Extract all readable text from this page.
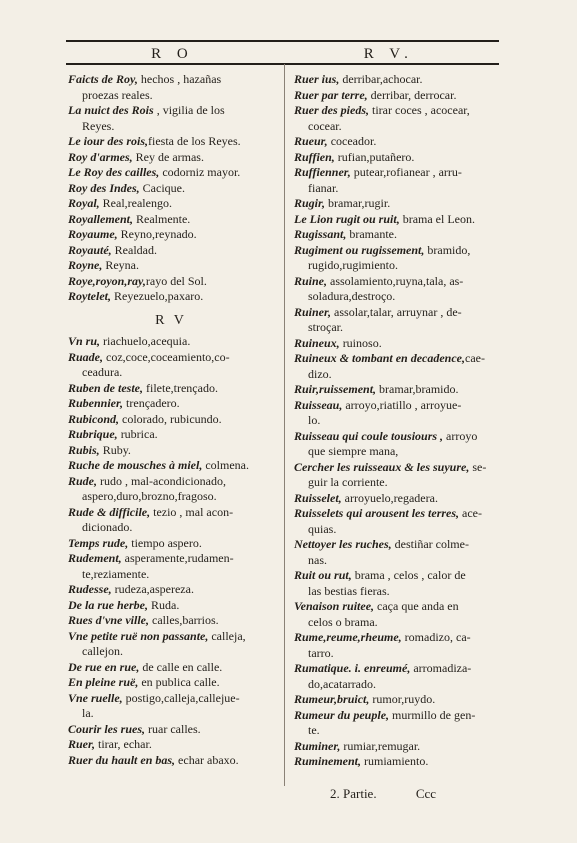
R O	R V.
Faicts de Roy, hechos , hazañas
proezas reales.
La nuict des Rois , vigilia de los
Reyes.
Le iour des rois,fiesta de los Reyes.
Roy d'armes, Rey de armas.
Le Roy des cailles, codorniz mayor.
Roy des Indes, Cacique.
Royal, Real,realengo.
Royallement, Realmente.
Royaume, Reyno,reynado.
Royauté, Realdad.
Royne, Reyna.
Roye,royon,ray,rayo del Sol.
Roytelet, Reyezuelo,paxaro.
R V
Vn ru, riachuelo,acequia.
Ruade, coz,coce,coceamiento,co-
ceadura.
Ruben de teste, filete,trençado.
Rubennier, trençadero.
Rubicond, colorado, rubicundo.
Rubrique, rubrica.
Rubis, Ruby.
Ruche de mousches à miel, colmena.
Rude, rudo , mal-acondicionado,
aspero,duro,brozno,fragoso.
Rude & difficile, tezio , mal acon-
dicionado.
Temps rude, tiempo aspero.
Rudement, asperamente,rudamen-
te,reziamente.
Rudesse, rudeza,aspereza.
De la rue herbe, Ruda.
Rues d'vne ville, calles,barrios.
Vne petite ruë non passante, calleja,
callejon.
De rue en rue, de calle en calle.
En pleine ruë, en publica calle.
Vne ruelle, postigo,calleja,callejue-
la.
Courir les rues, ruar calles.
Ruer, tirar, echar.
Ruer du hault en bas, echar abaxo.
Ruer ius, derribar,achocar.
Ruer par terre, derribar, derrocar.
Ruer des pieds, tirar coces , acocear,
cocear.
Rueur, coceador.
Ruffien, rufian,putañero.
Ruffienner, putear,rofianear , arru-
fianar.
Rugir, bramar,rugir.
Le Lion rugit ou ruit, brama el Leon.
Rugissant, bramante.
Rugiment ou rugissement, bramido,
rugido,rugimiento.
Ruine, assolamiento,ruyna,tala, as-
soladura,destroço.
Ruiner, assolar,talar, arruynar , de-
stroçar.
Ruineux, ruinoso.
Ruineux & tombant en decadence,cae-
dizo.
Ruir,ruissement, bramar,bramido.
Ruisseau, arroyo,riatillo , arroyue-
lo.
Ruisseau qui coule tousiours , arroyo
que siempre mana,
Cercher les ruisseaux & les suyure, se-
guir la corriente.
Ruisselet, arroyuelo,regadera.
Ruisselets qui arousent les terres, ace-
quias.
Nettoyer les ruches, destiñar colme-
nas.
Ruit ou rut, brama , celos , calor de
las bestias fieras.
Venaison ruitee, caça que anda en
celos o brama.
Rume,reume,rheume, romadizo, ca-
tarro.
Rumatique. i. enreumé, arromadiza-
do,acatarrado.
Rumeur,bruict, rumor,ruydo.
Rumeur du peuple, murmillo de gen-
te.
Ruminer, rumiar,remugar.
Ruminement, rumiamiento.
2. Partie.	Ccc
